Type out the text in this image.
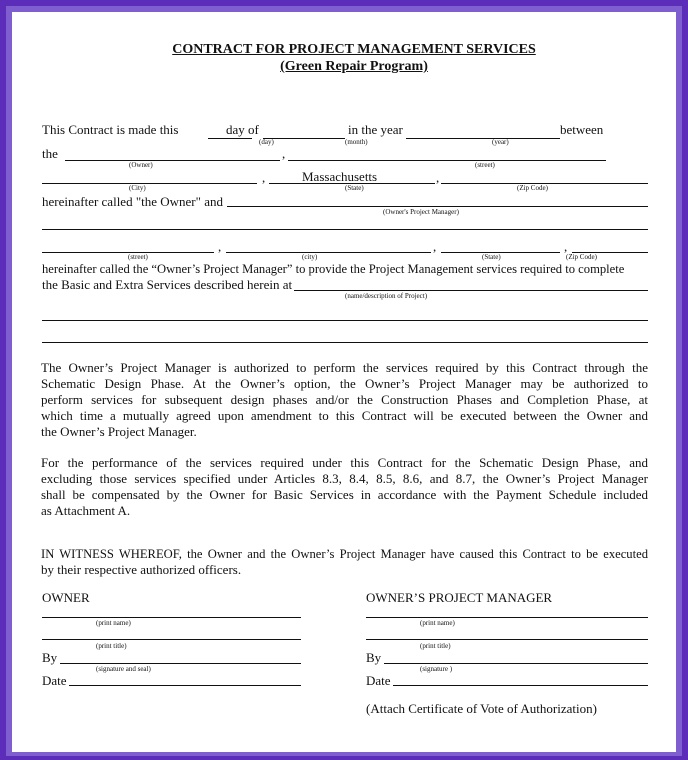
CONTRACT FOR PROJECT MANAGEMENT SERVICES
(Green Repair Program)
This Contract is made this	day of	in the year	between
(day)	(month)	(year)
the	,
(Owner)	(street)
,	Massachusetts	,
(City)	(State)	(Zip Code)
hereinafter called "the Owner" and
(Owner's Project Manager)
,	,	,
(street)	(city)	(State)	(Zip Code)
hereinafter called the “Owner’s Project Manager” to provide the Project Management services required to complete
the Basic and Extra Services described herein at
(name/description of Project)
The Owner’s Project Manager is authorized to perform the services required by this Contract through the
Schematic Design Phase. At the Owner’s option, the Owner’s Project Manager may be authorized to
perform services for subsequent design phases and/or the Construction Phases and Completion Phase, at
which time a mutually agreed upon amendment to this Contract will be executed between the Owner and
the Owner’s Project Manager.
For the performance of the services required under this Contract for the Schematic Design Phase, and
excluding those services specified under Articles 8.3, 8.4, 8.5, 8.6, and 8.7, the Owner’s Project Manager
shall be compensated by the Owner for Basic Services in accordance with the Payment Schedule included
as Attachment A.
IN WITNESS WHEREOF, the Owner and the Owner’s Project Manager have caused this Contract to be executed
by their respective authorized officers.
OWNER
(print name)
(print title)
By
(signature and seal)
Date
OWNER’S PROJECT MANAGER
(print name)
(print title)
By
(signature )
Date
(Attach Certificate of Vote of Authorization)
